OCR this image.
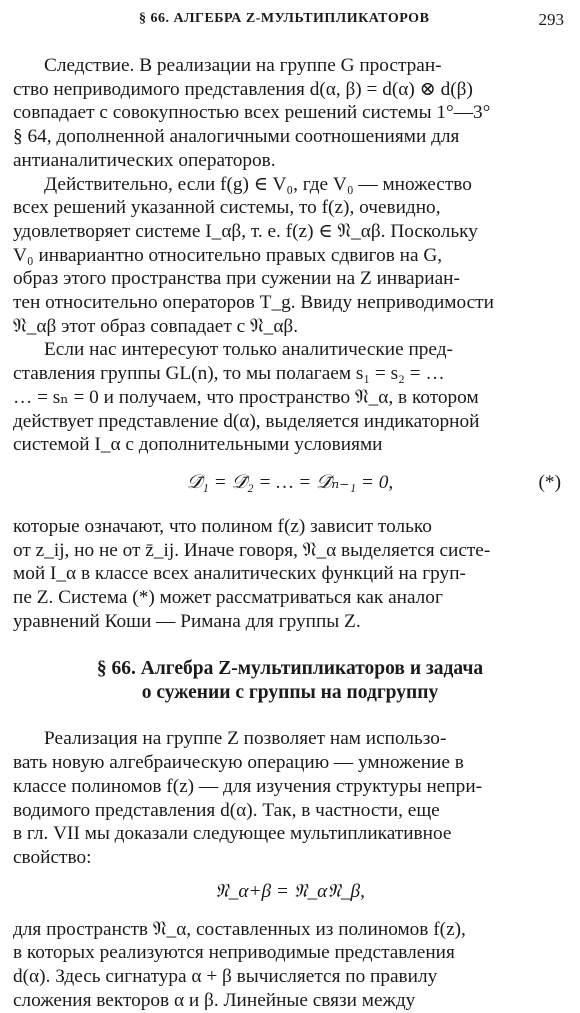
§ 66. АЛГЕБРА Z-МУЛЬТИПЛИКАТОРОВ	293

Следствие. В реализации на группе G простран-
ство неприводимого представления d(α, β) = d(α) ⊗ d(β)
совпадает с совокупностью всех решений системы 1°—3°
§ 64, дополненной аналогичными соотношениями для
антианалитических операторов.

Действительно, если f(g) ∈ V₀, где V₀ — множество
всех решений указанной системы, то f(z), очевидно,
удовлетворяет системе I_αβ, т. е. f(z) ∈ 𝔑_αβ. Поскольку
V₀ инвариантно относительно правых сдвигов на G,
образ этого пространства при сужении на Z инвариан-
тен относительно операторов T_g. Ввиду неприводимости
𝔑_αβ этот образ совпадает с 𝔑_αβ.

Если нас интересуют только аналитические пред-
ставления группы GL(n), то мы полагаем s₁ = s₂ = …
… = sₙ = 0 и получаем, что пространство 𝔑_α, в котором
действует представление d(α), выделяется индикаторной
системой I_α с дополнительными условиями

𝒟̄₁ = 𝒟̄₂ = … = 𝒟̄ₙ₋₁ = 0,	(*)

которые означают, что полином f(z) зависит только
от z_ij, но не от z̄_ij. Иначе говоря, 𝔑_α выделяется систе-
мой I_α в классе всех аналитических функций на груп-
пе Z. Система (*) может рассматриваться как аналог
уравнений Коши — Римана для группы Z.

§ 66. Алгебра Z-мультипликаторов и задача
о сужении с группы на подгруппу

Реализация на группе Z позволяет нам использо-
вать новую алгебраическую операцию — умножение в
классе полиномов f(z) — для изучения структуры непри-
водимого представления d(α). Так, в частности, еще
в гл. VII мы доказали следующее мультипликативное
свойство:

𝔑_α+β = 𝔑_α𝔑_β,

для пространств 𝔑_α, составленных из полиномов f(z),
в которых реализуются неприводимые представления
d(α). Здесь сигнатура α + β вычисляется по правилу
сложения векторов α и β. Линейные связи между
